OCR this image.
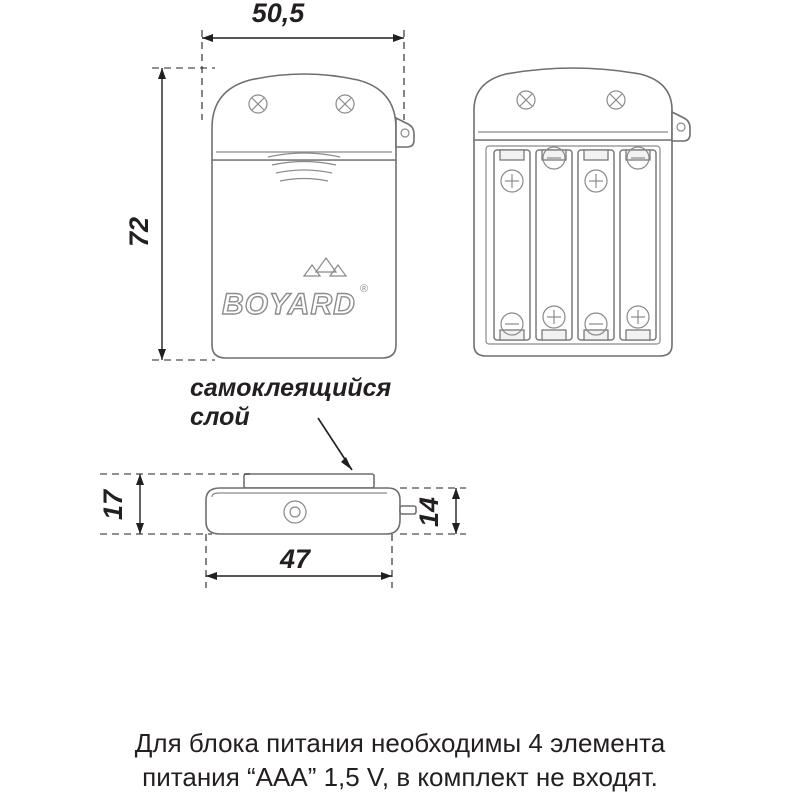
BOYARD ®
50,5
72
17	14
47
самоклеящийся
слой
Для блока питания необходимы 4 элемента
питания “AAA” 1,5 V, в комплект не входят.
